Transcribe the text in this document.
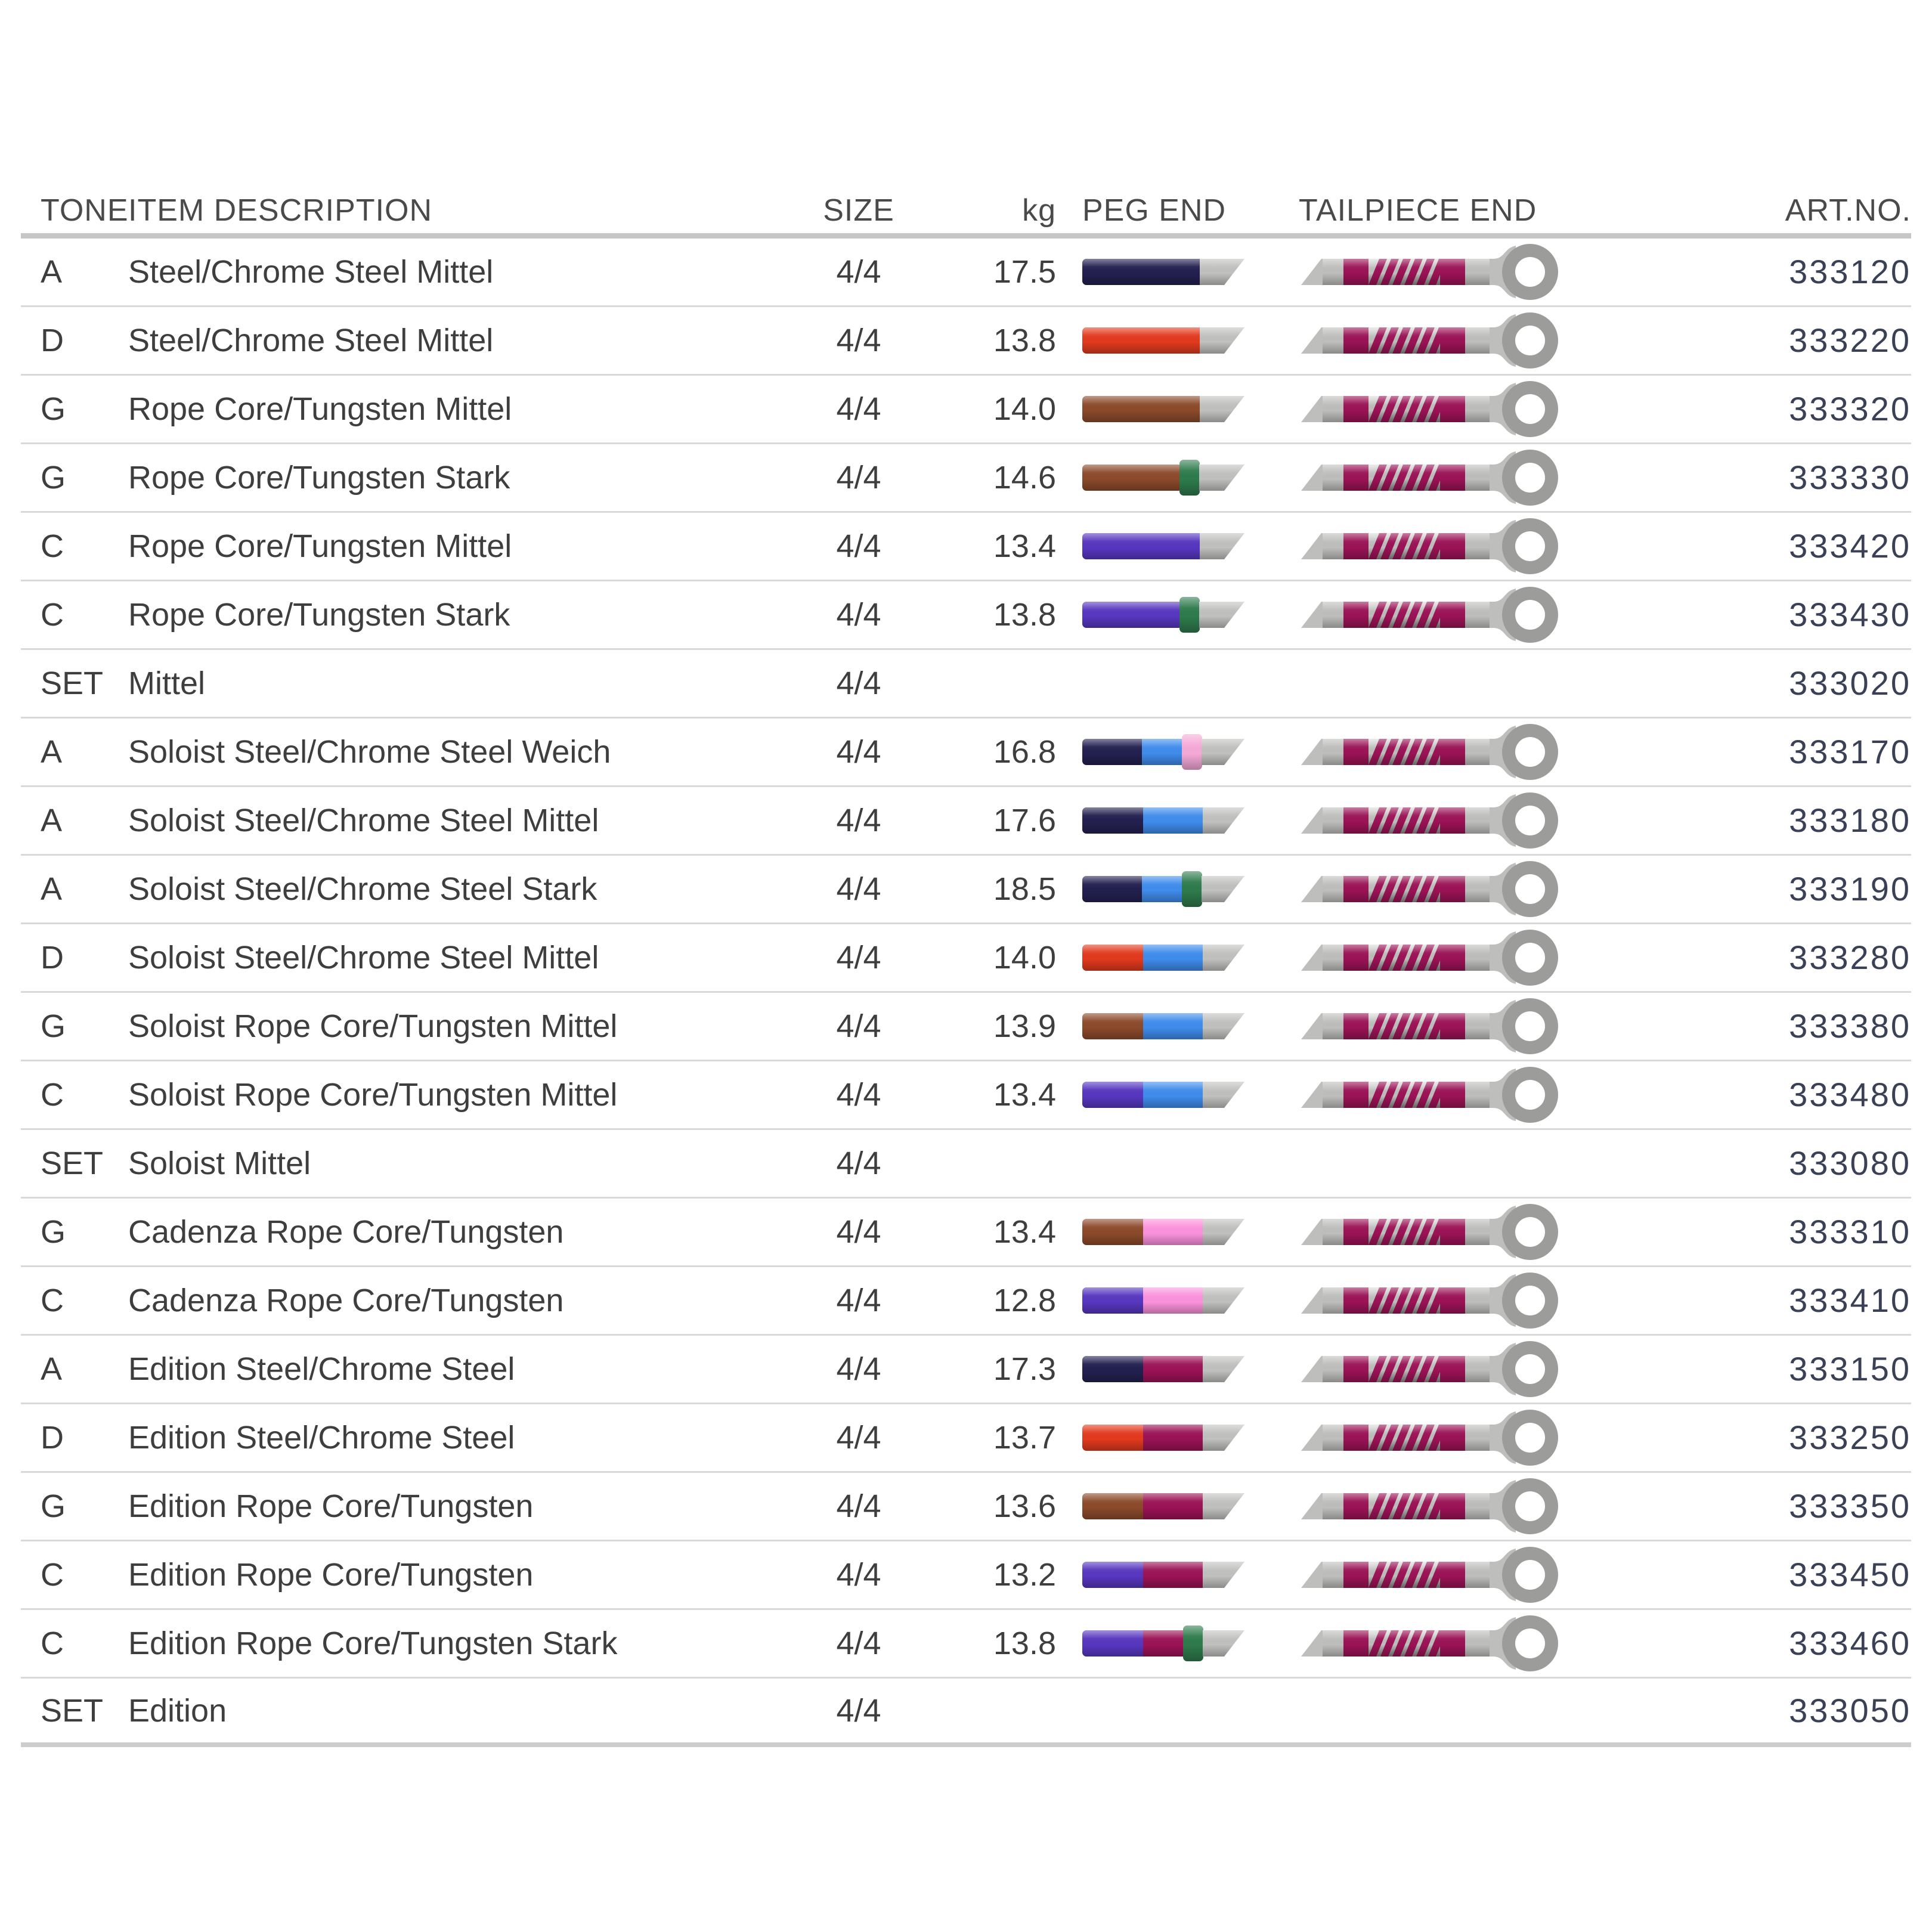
TONE ITEM DESCRIPTION	SIZE	kg PEG END	TAILPIECE END	ART.NO.
A	Steel/Chrome Steel Mittel	4/4	17.5	333120
D	Steel/Chrome Steel Mittel	4/4	13.8	333220
G	Rope Core/Tungsten Mittel	4/4	14.0	333320
G	Rope Core/Tungsten Stark	4/4	14.6	333330
C	Rope Core/Tungsten Mittel	4/4	13.4	333420
C	Rope Core/Tungsten Stark	4/4	13.8	333430
SET Mittel	4/4	333020
A	Soloist Steel/Chrome Steel Weich	4/4	16.8	333170
A	Soloist Steel/Chrome Steel Mittel	4/4	17.6	333180
A	Soloist Steel/Chrome Steel Stark	4/4	18.5	333190
D	Soloist Steel/Chrome Steel Mittel	4/4	14.0	333280
G	Soloist Rope Core/Tungsten Mittel	4/4	13.9	333380
C	Soloist Rope Core/Tungsten Mittel	4/4	13.4	333480
SET Soloist Mittel	4/4	333080
G	Cadenza Rope Core/Tungsten	4/4	13.4	333310
C	Cadenza Rope Core/Tungsten	4/4	12.8	333410
A	Edition Steel/Chrome Steel	4/4	17.3	333150
D	Edition Steel/Chrome Steel	4/4	13.7	333250
G	Edition Rope Core/Tungsten	4/4	13.6	333350
C	Edition Rope Core/Tungsten	4/4	13.2	333450
C	Edition Rope Core/Tungsten Stark	4/4	13.8	333460
SET Edition	4/4	333050
